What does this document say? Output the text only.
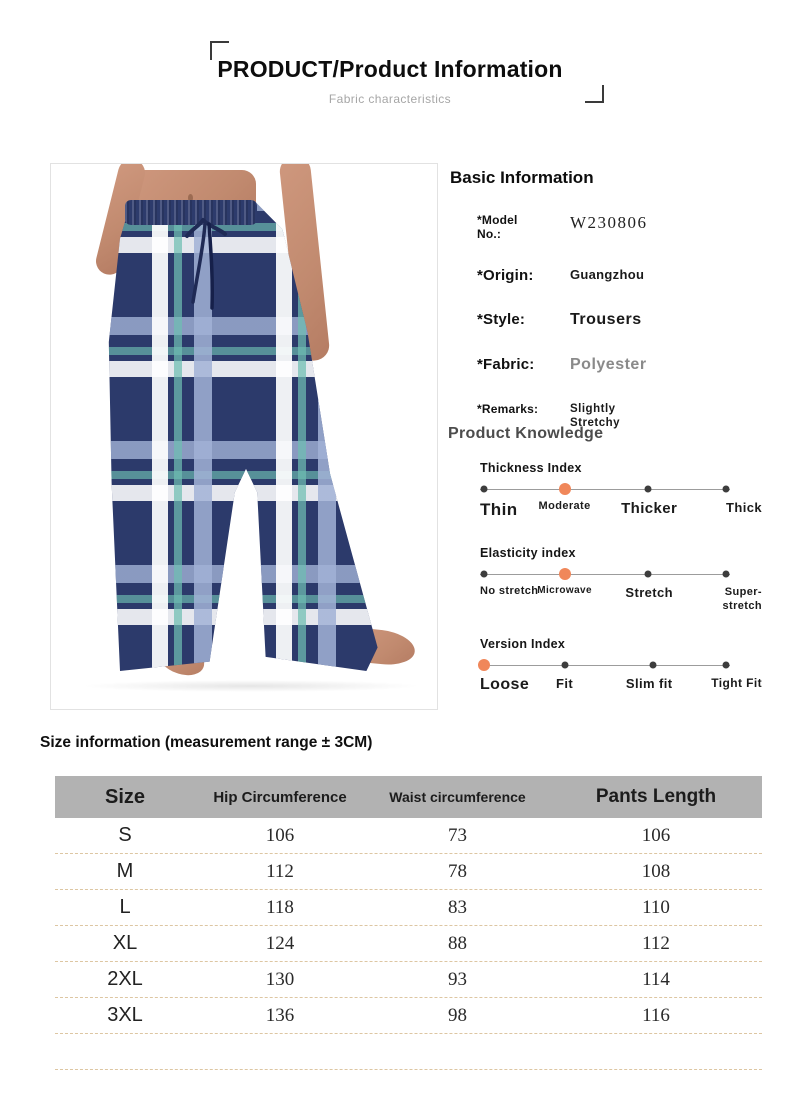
PRODUCT/Product Information
Fabric characteristics
Basic Information
*Model No.:
W230806
*Origin:	Guangzhou
*Style:	Trousers
*Fabric:	Polyester
*Remarks:	Slightly Stretchy
Product Knowledge
Thickness Index
Thin Moderate Thicker	Thick
Elasticity index
No stretch
Microwave	Stretch	Super-stretch
Version Index
Loose Fit	Slim fit	Tight Fit
Size information (measurement range ± 3CM)
Size	Hip Circumference	Waist circumference	Pants Length
S	106	73	106
M	112	78	108
L	118	83	110
XL	124	88	112
2XL	130	93	114
3XL	136	98	116
